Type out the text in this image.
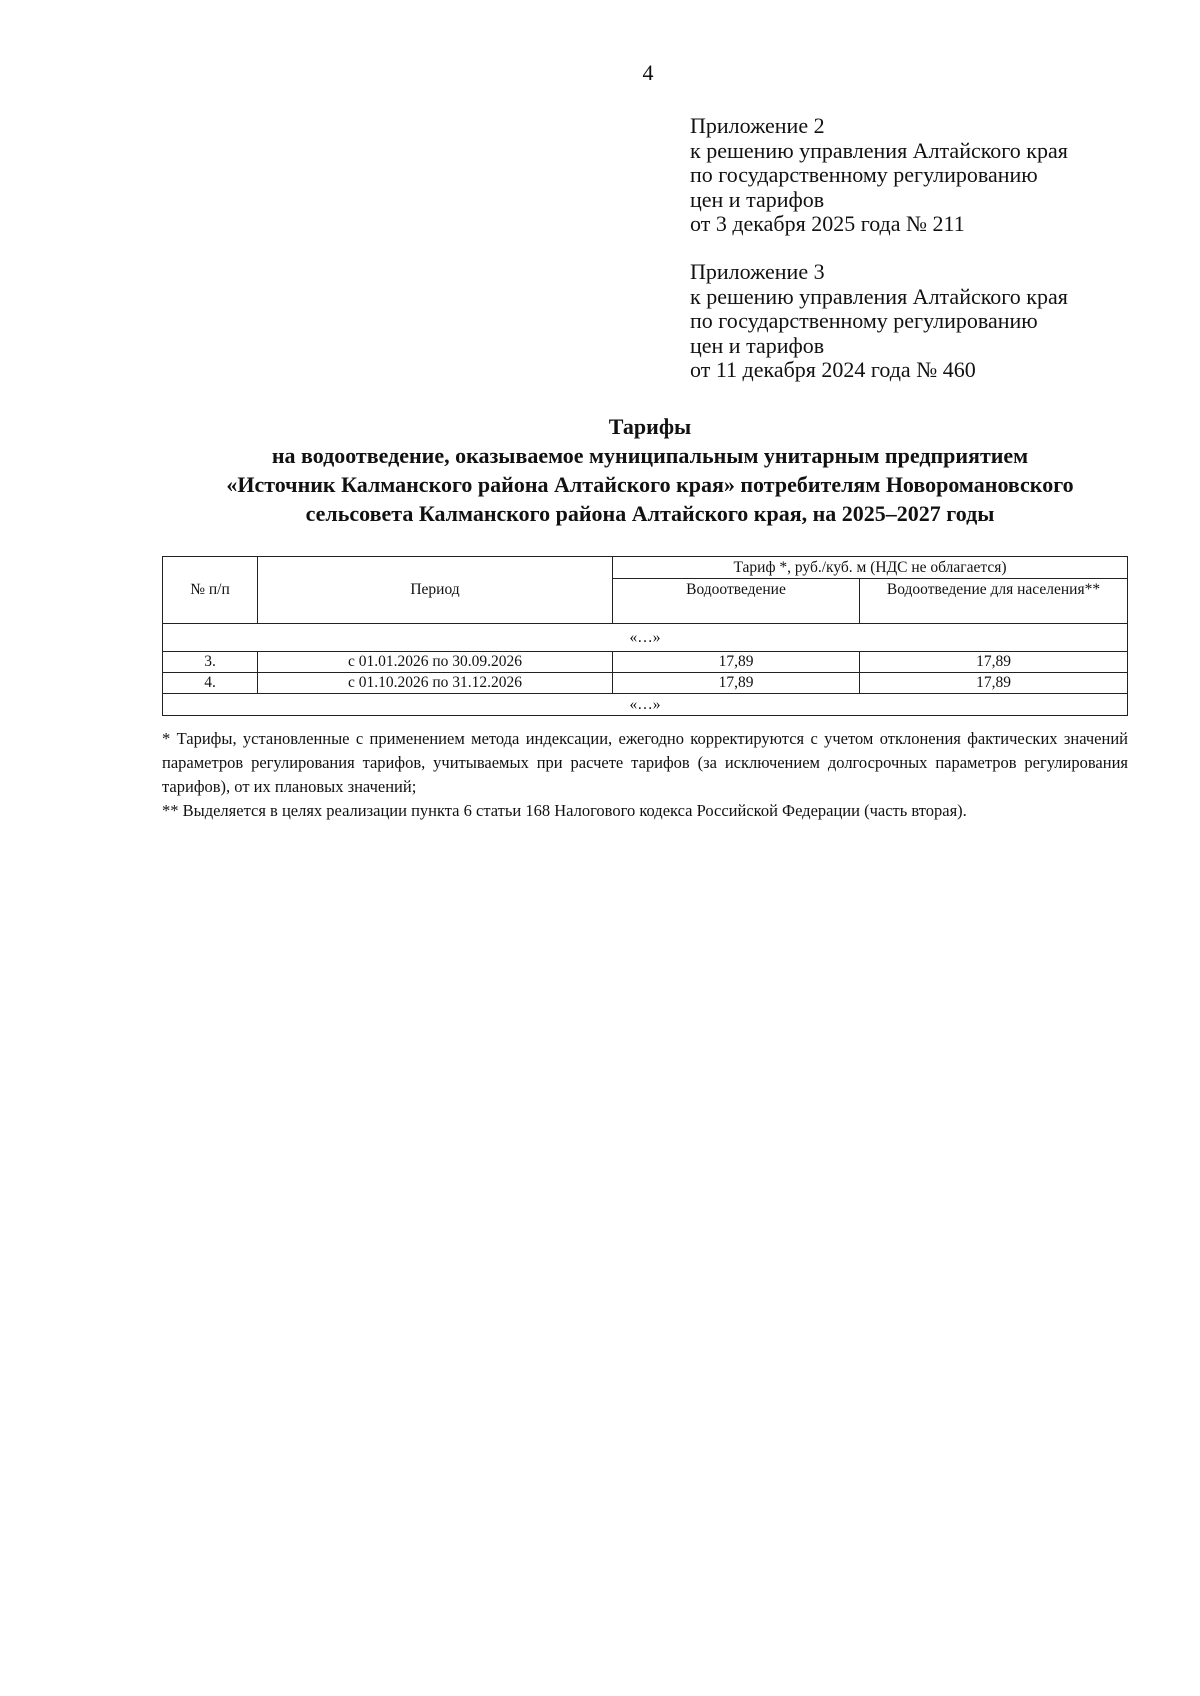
4
Приложение 2
к решению управления Алтайского края
по государственному регулированию
цен и тарифов
от 3 декабря 2025 года № 211
Приложение 3
к решению управления Алтайского края
по государственному регулированию
цен и тарифов
от 11 декабря 2024 года № 460
Тарифы
на водоотведение, оказываемое муниципальным унитарным предприятием
«Источник Калманского района Алтайского края» потребителям Новоромановского
сельсовета Калманского района Алтайского края, на 2025–2027 годы
№ п/п	Период	Тариф *, руб./куб. м (НДС не облагается)	
		Водоотведение	Водоотведение для населения**
«…»			
3.	с 01.01.2026 по 30.09.2026	17,89	17,89
4.	с 01.10.2026 по 31.12.2026	17,89	17,89
«…»			

* Тарифы, установленные с применением метода индексации, ежегодно корректируются с учетом отклонения фактических значений параметров регулирования тарифов, учитываемых при расчете тарифов (за исключением долгосрочных параметров регулирования тарифов), от их плановых значений;

** Выделяется в целях реализации пункта 6 статьи 168 Налогового кодекса Российской Федерации (часть вторая).
